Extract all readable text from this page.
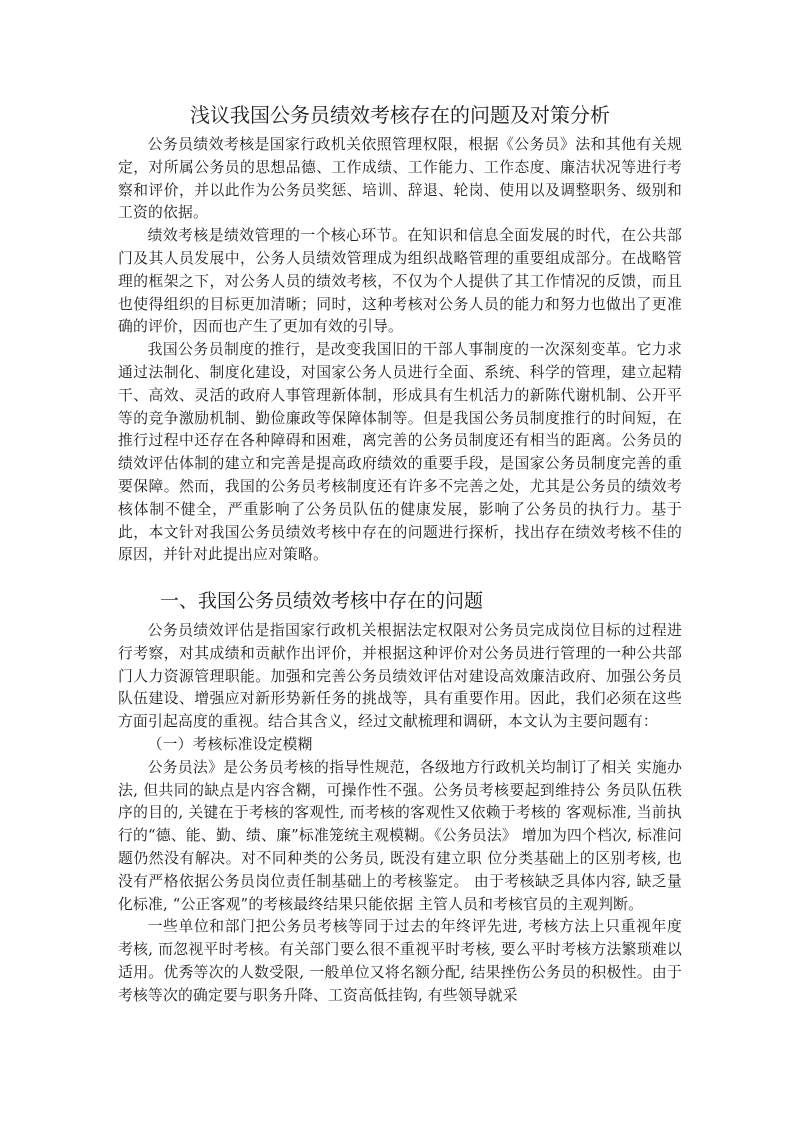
浅议我国公务员绩效考核存在的问题及对策分析

公务员绩效考核是国家行政机关依照管理权限，根据《公务员》法和其他有关规定，对所属公务员的思想品德、工作成绩、工作能力、工作态度、廉洁状况等进行考察和评价，并以此作为公务员奖惩、培训、辞退、轮岗、使用以及调整职务、级别和工资的依据。

绩效考核是绩效管理的一个核心环节。在知识和信息全面发展的时代，在公共部门及其人员发展中，公务人员绩效管理成为组织战略管理的重要组成部分。在战略管理的框架之下，对公务人员的绩效考核，不仅为个人提供了其工作情况的反馈，而且也使得组织的目标更加清晰；同时，这种考核对公务人员的能力和努力也做出了更准确的评价，因而也产生了更加有效的引导。

我国公务员制度的推行，是改变我国旧的干部人事制度的一次深刻变革。它力求通过法制化、制度化建设，对国家公务人员进行全面、系统、科学的管理，建立起精干、高效、灵活的政府人事管理新体制，形成具有生机活力的新陈代谢机制、公开平等的竞争激励机制、勤俭廉政等保障体制等。但是我国公务员制度推行的时间短，在推行过程中还存在各种障碍和困难，离完善的公务员制度还有相当的距离。公务员的绩效评估体制的建立和完善是提高政府绩效的重要手段，是国家公务员制度完善的重要保障。然而，我国的公务员考核制度还有许多不完善之处，尤其是公务员的绩效考核体制不健全，严重影响了公务员队伍的健康发展，影响了公务员的执行力。基于此，本文针对我国公务员绩效考核中存在的问题进行探析，找出存在绩效考核不佳的原因，并针对此提出应对策略。

一、我国公务员绩效考核中存在的问题

公务员绩效评估是指国家行政机关根据法定权限对公务员完成岗位目标的过程进行考察，对其成绩和贡献作出评价，并根据这种评价对公务员进行管理的一种公共部门人力资源管理职能。加强和完善公务员绩效评估对建设高效廉洁政府、加强公务员队伍建设、增强应对新形势新任务的挑战等，具有重要作用。因此，我们必须在这些方面引起高度的重视。结合其含义，经过文献梳理和调研，本文认为主要问题有：

（一）考核标准设定模糊

公务员法》是公务员考核的指导性规范，各级地方行政机关均制订了相关 实施办法, 但共同的缺点是内容含糊，可操作性不强。公务员考核要起到维持公 务员队伍秩序的目的, 关键在于考核的客观性, 而考核的客观性又依赖于考核的 客观标准, 当前执行的“德、能、勤、绩、廉”标准笼统主观模糊。《公务员法》 增加为四个档次, 标准问题仍然没有解决。对不同种类的公务员, 既没有建立职 位分类基础上的区别考核, 也没有严格依据公务员岗位责任制基础上的考核鉴定。 由于考核缺乏具体内容, 缺乏量化标准, “公正客观”的考核最终结果只能依据 主管人员和考核官员的主观判断。

一些单位和部门把公务员考核等同于过去的年终评先进, 考核方法上只重视年度考核, 而忽视平时考核。有关部门要么很不重视平时考核, 要么平时考核方法繁琐难以适用。优秀等次的人数受限, 一般单位又将名额分配, 结果挫伤公务员的积极性。由于考核等次的确定要与职务升降、工资高低挂钩, 有些领导就采
